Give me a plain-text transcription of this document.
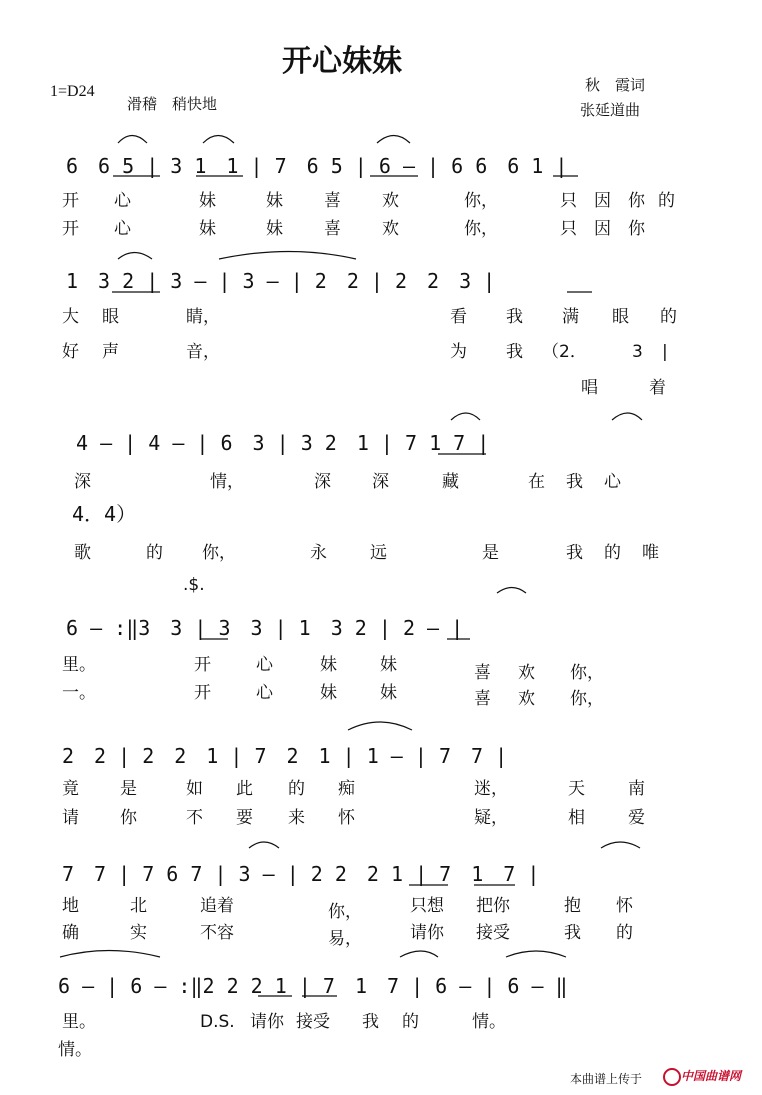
开心妹妹
1=D24
滑稽　稍快地
秋　霞词
张延道曲
6　6 5 | 3 1　1 | 7　6 5 | 6 — | 6 6　6 1 |
开 心	妹	妹 喜 欢	你，	只 因 你 的
开 心	妹	妹 喜 欢	你，	只 因 你
1　3 2 | 3 — | 3 — | 2　2 | 2　2　3 |
大 眼	睛，	看 我 满 眼 的
好 声	音，	为 我 （2．	3 |
唱	着
4 — | 4 — | 6　3 | 3 2　1 | 7 1 7 |
深	情，	深 深	藏	在 我 心
4．4）
歌	的 你，	永	远	是	我 的 唯
.$.
6 — :‖3　3 | 3　3 | 1　3 2 | 2 — |
里。	开	心	妹	妹	喜 欢 你，
一。	开	心	妹	妹	喜 欢 你，
2　2 | 2　2　1 | 7　2　1 | 1 — | 7　7 |
竟 是	如 此 的 痴	迷，	天	南
请 你	不 要 来 怀	疑，	相	爱
7　7 | 7 6 7 | 3 — | 2 2　2 1 | 7　1　7 |
地	北	追着	你，	只想 把你	抱 怀
确	实	不容	易，	请你 接受	我 的
6 — | 6 — :‖2 2 2 1 | 7　1　7 | 6 — | 6 — ‖
里。	D.S. 请你 接受 我 的	情。
情。
本曲谱上传于	中国曲谱网
